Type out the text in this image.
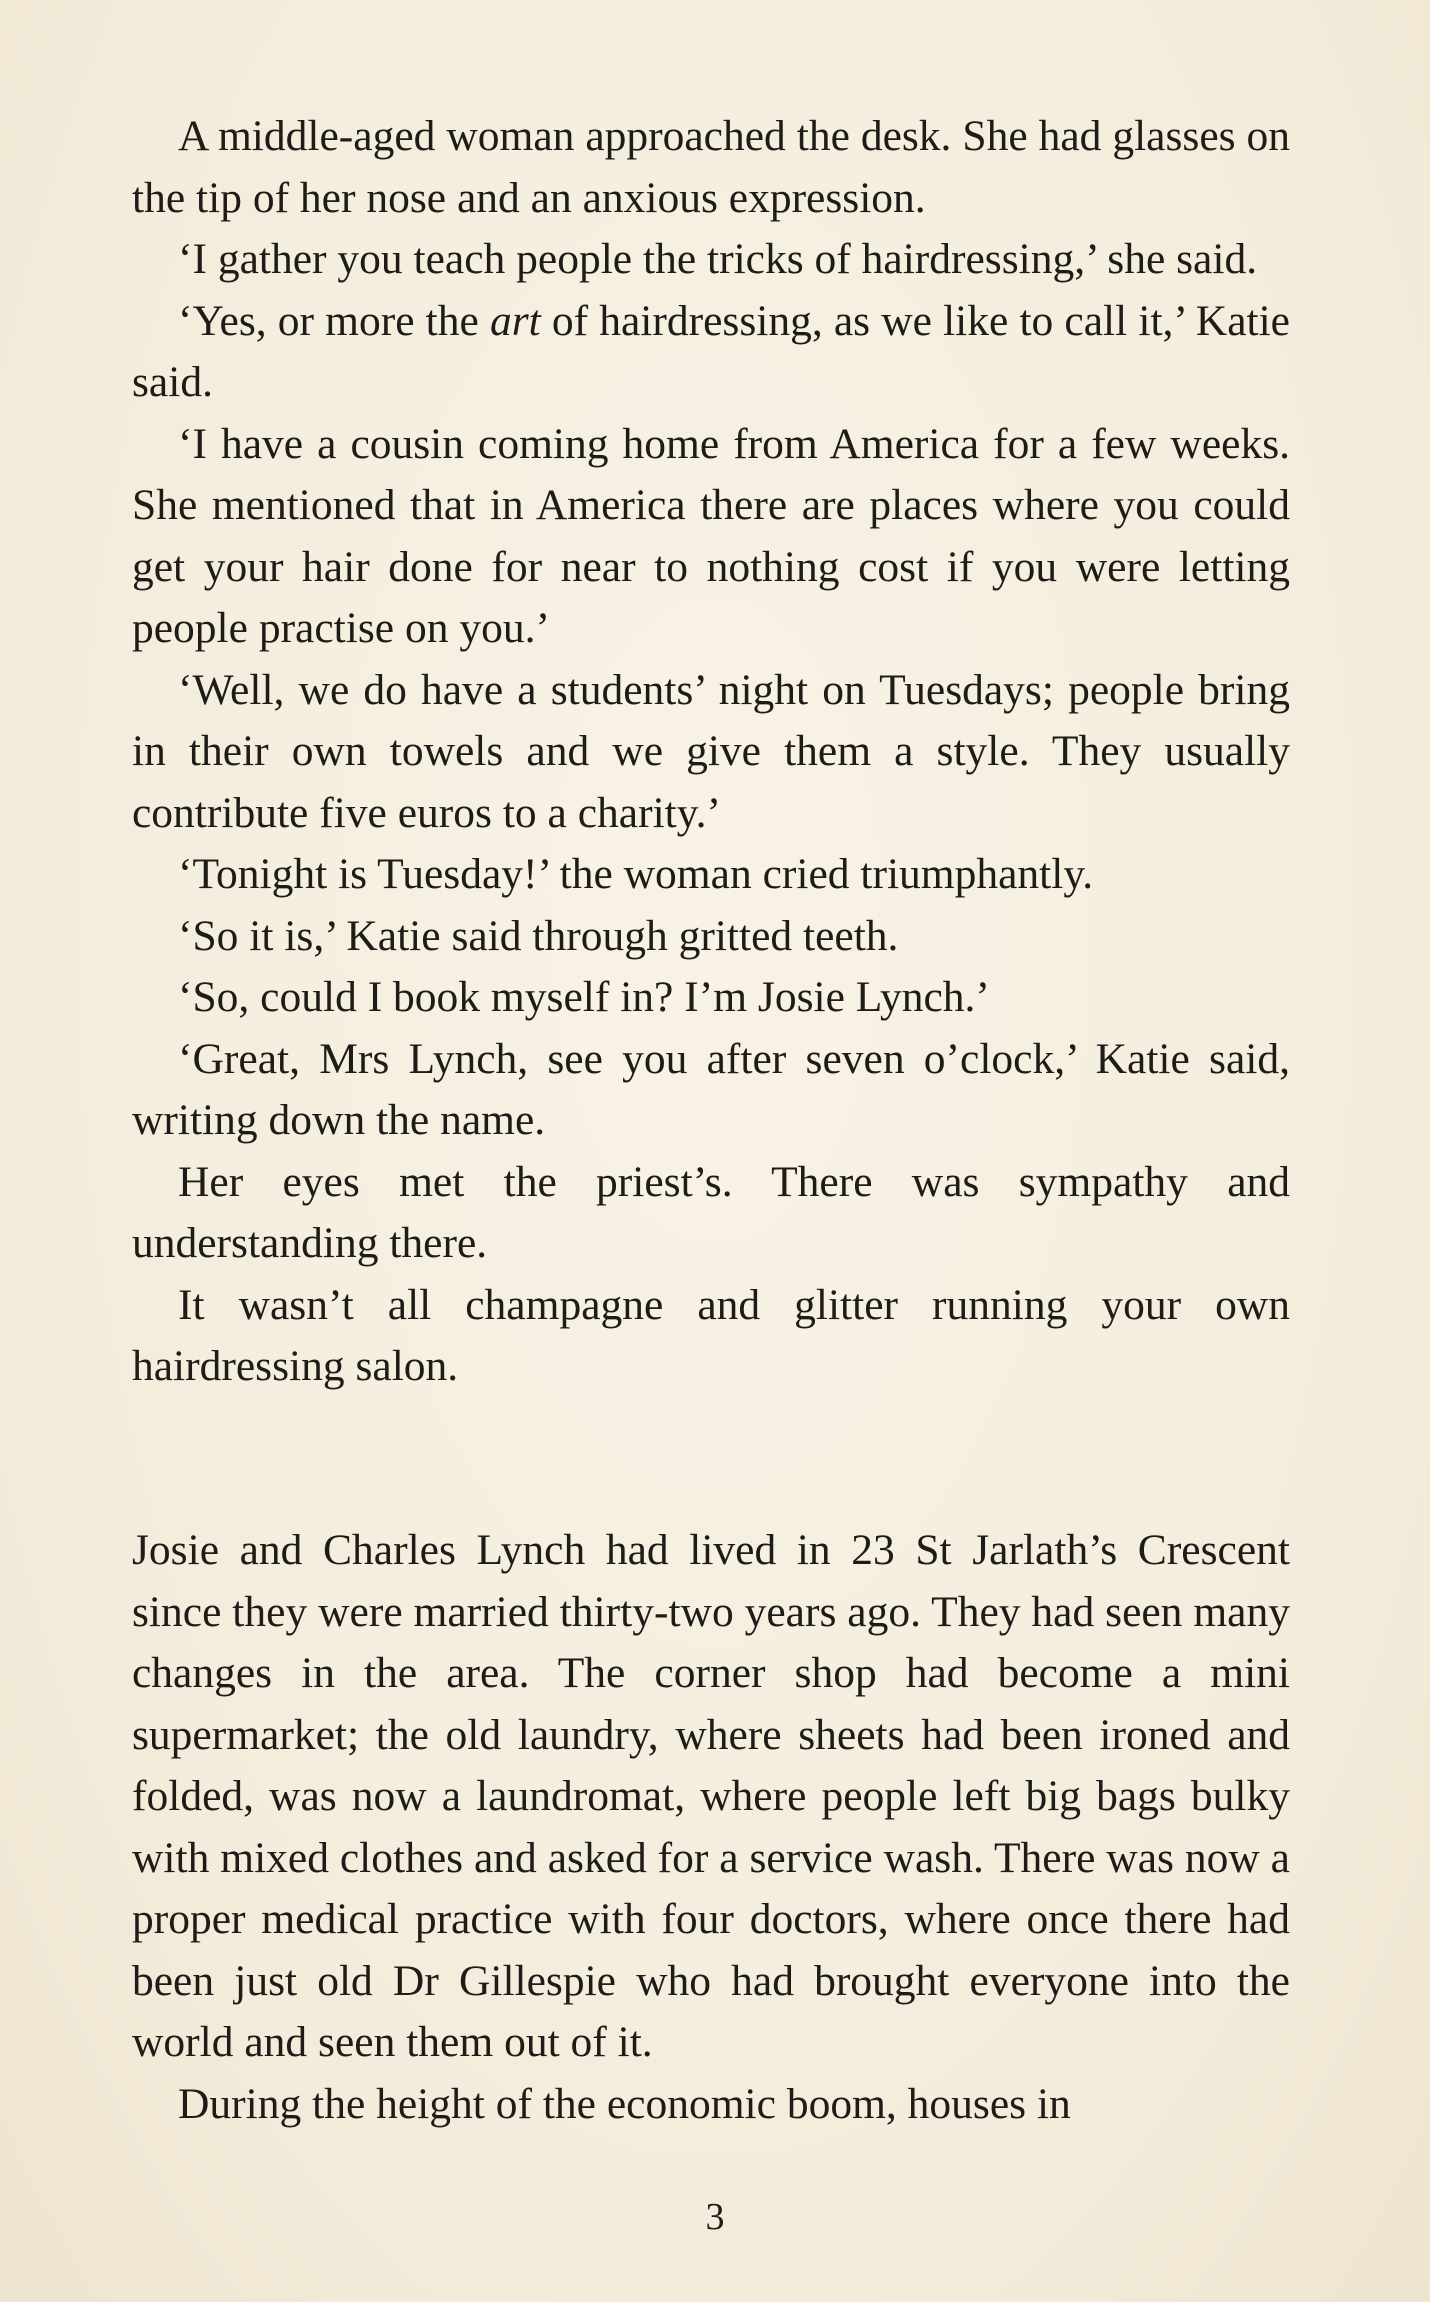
A middle-aged woman approached the desk. She had glasses on the tip of her nose and an anxious expression.

‘I gather you teach people the tricks of hairdressing,’ she said.

‘Yes, or more the art of hairdressing, as we like to call it,’ Katie said.

‘I have a cousin coming home from America for a few weeks. She mentioned that in America there are places where you could get your hair done for near to nothing cost if you were letting people practise on you.’

‘Well, we do have a students’ night on Tuesdays; people bring in their own towels and we give them a style. They usually contribute five euros to a charity.’

‘Tonight is Tuesday!’ the woman cried triumphantly.

‘So it is,’ Katie said through gritted teeth.

‘So, could I book myself in? I’m Josie Lynch.’

‘Great, Mrs Lynch, see you after seven o’clock,’ Katie said, writing down the name.

Her eyes met the priest’s. There was sympathy and understanding there.

It wasn’t all champagne and glitter running your own hairdressing salon.

Josie and Charles Lynch had lived in 23 St Jarlath’s Crescent since they were married thirty-two years ago. They had seen many changes in the area. The corner shop had become a mini supermarket; the old laundry, where sheets had been ironed and folded, was now a laundromat, where people left big bags bulky with mixed clothes and asked for a service wash. There was now a proper medical practice with four doctors, where once there had been just old Dr Gillespie who had brought everyone into the world and seen them out of it.

During the height of the economic boom, houses in

3
